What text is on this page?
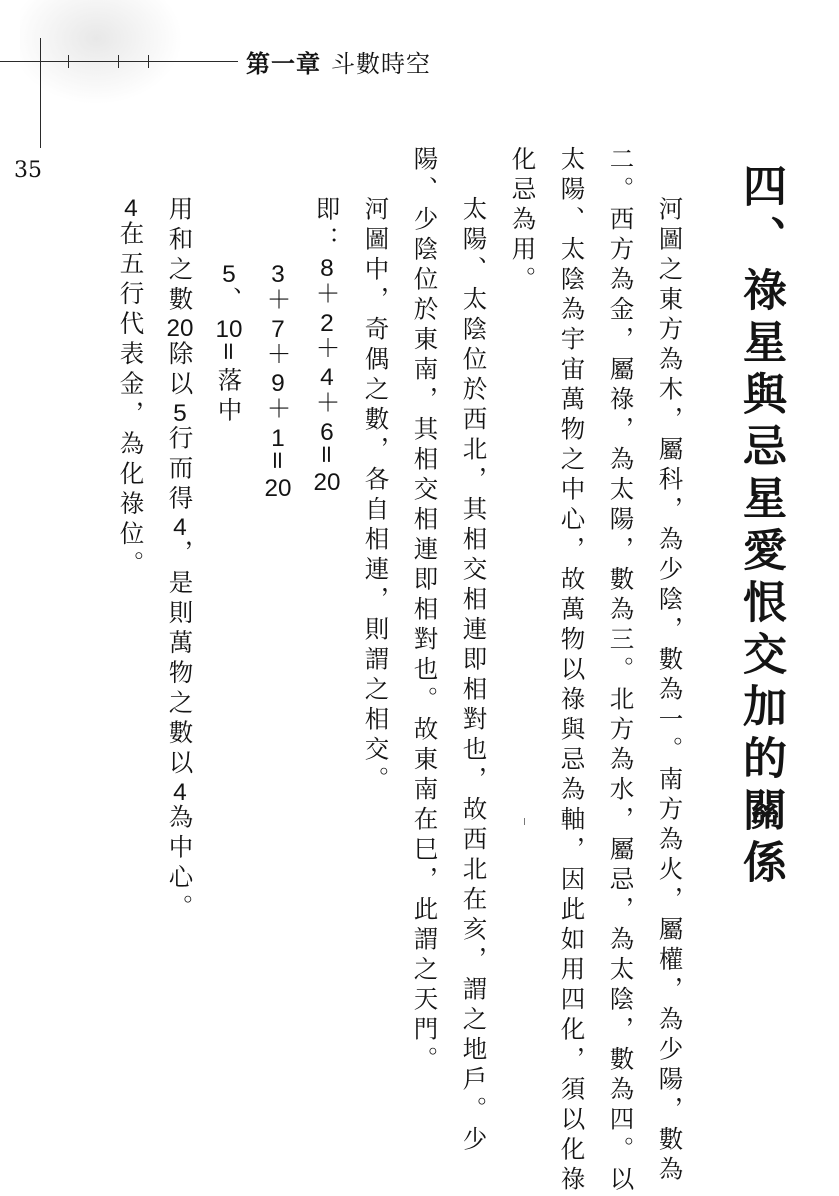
第一章 斗數時空
35	四、祿星與忌星愛恨交加的關係
河圖之東方為木，屬科，為少陰，數為一。南方為火，屬權，為少陽，數為
二。西方為金，屬祿，為太陽，數為三。北方為水，屬忌，為太陰，數為四。以
太陽、太陰為宇宙萬物之中心，故萬物以祿與忌為軸，因此如用四化，須以化祿
化忌為用。
太陽、太陰位於西北，其相交相連即相對也，故西北在亥，謂之地戶。少
陽、少陰位於東南，其相交相連即相對也。故東南在巳，此謂之天門。
河圖中，奇偶之數，各自相連，則謂之相交。
即：8＋2＋4＋6=20
3＋7＋9＋1=20
5、10=落中
用和之數20除以5行而得4，是則萬物之數以4為中心。
4在五行代表金，為化祿位。
